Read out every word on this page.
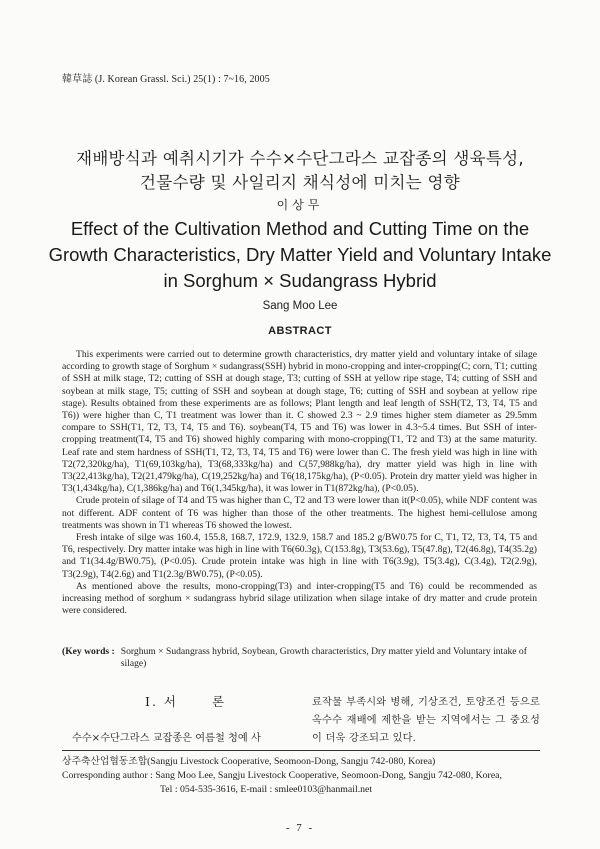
韓草誌 (J. Korean Grassl. Sci.) 25(1) : 7~16, 2005
재배방식과 예취시기가 수수×수단그라스 교잡종의 생육특성,
건물수량 및 사일리지 채식성에 미치는 영향
이상무
Effect of the Cultivation Method and Cutting Time on the
Growth Characteristics, Dry Matter Yield and Voluntary Intake
in Sorghum × Sudangrass Hybrid
Sang Moo Lee
ABSTRACT

This experiments were carried out to determine growth characteristics, dry matter yield and voluntary intake of silage according to growth stage of Sorghum × sudangrass(SSH) hybrid in mono-cropping and inter-cropping(C; corn, T1; cutting of SSH at milk stage, T2; cutting of SSH at dough stage, T3; cutting of SSH at yellow ripe stage, T4; cutting of SSH and soybean at milk stage, T5; cutting of SSH and soybean at dough stage, T6; cutting of SSH and soybean at yellow ripe stage). Results obtained from these experiments are as follows; Plant length and leaf length of SSH(T2, T3, T4, T5 and T6)) were higher than C, T1 treatment was lower than it. C showed 2.3 ~ 2.9 times higher stem diameter as 29.5mm compare to SSH(T1, T2, T3, T4, T5 and T6). soybean(T4, T5 and T6) was lower in 4.3~5.4 times. But SSH of inter-cropping treatment(T4, T5 and T6) showed highly comparing with mono-cropping(T1, T2 and T3) at the same maturity. Leaf rate and stem hardness of SSH(T1, T2, T3, T4, T5 and T6) were lower than C. The fresh yield was high in line with T2(72,320kg/ha), T1(69,103kg/ha), T3(68,333kg/ha) and C(57,988kg/ha), dry matter yield was high in line with T3(22,413kg/ha), T2(21,479kg/ha), C(19,252kg/ha) and T6(18,175kg/ha), (P<0.05). Protein dry matter yield was higher in T3(1,434kg/ha), C(1,386kg/ha) and T6(1,345kg/ha), it was lower in T1(872kg/ha), (P<0.05).

Crude protein of silage of T4 and T5 was higher than C, T2 and T3 were lower than it(P<0.05), while NDF content was not different. ADF content of T6 was higher than those of the other treatments. The highest hemi-cellulose among treatments was shown in T1 whereas T6 showed the lowest.

Fresh intake of silge was 160.4, 155.8, 168.7, 172.9, 132.9, 158.7 and 185.2 g/BW0.75 for C, T1, T2, T3, T4, T5 and T6, respectively. Dry matter intake was high in line with T6(60.3g), C(153.8g), T3(53.6g), T5(47.8g), T2(46.8g), T4(35.2g) and T1(34.4g/BW0.75), (P<0.05). Crude protein intake was high in line with T6(3.9g), T5(3.4g), C(3.4g), T2(2.9g), T3(2.9g), T4(2.6g) and T1(2.3g/BW0.75), (P<0.05).

As mentioned above the results, mono-cropping(T3) and inter-cropping(T5 and T6) could be recommended as increasing method of sorghum × sudangrass hybrid silage utilization when silage intake of dry matter and crude protein were considered.

(Key words : Sorghum × Sudangrass hybrid, Soybean, Growth characteristics, Dry matter yield and Voluntary intake of silage)
I. 서	론
수수×수단그라스 교잡종은 여름철 청예 사
료작물 부족시와 병해, 기상조건, 토양조건 등으로 옥수수 재배에 제한을 받는 지역에서는 그 중요성이 더욱 강조되고 있다.
상주축산업협동조합(Sangju Livestock Cooperative, Seomoon-Dong, Sangju 742-080, Korea)
Corresponding author : Sang Moo Lee, Sangju Livestock Cooperative, Seomoon-Dong, Sangju 742-080, Korea,
Tel : 054-535-3616, E-mail : smlee0103@hanmail.net
- 7 -
